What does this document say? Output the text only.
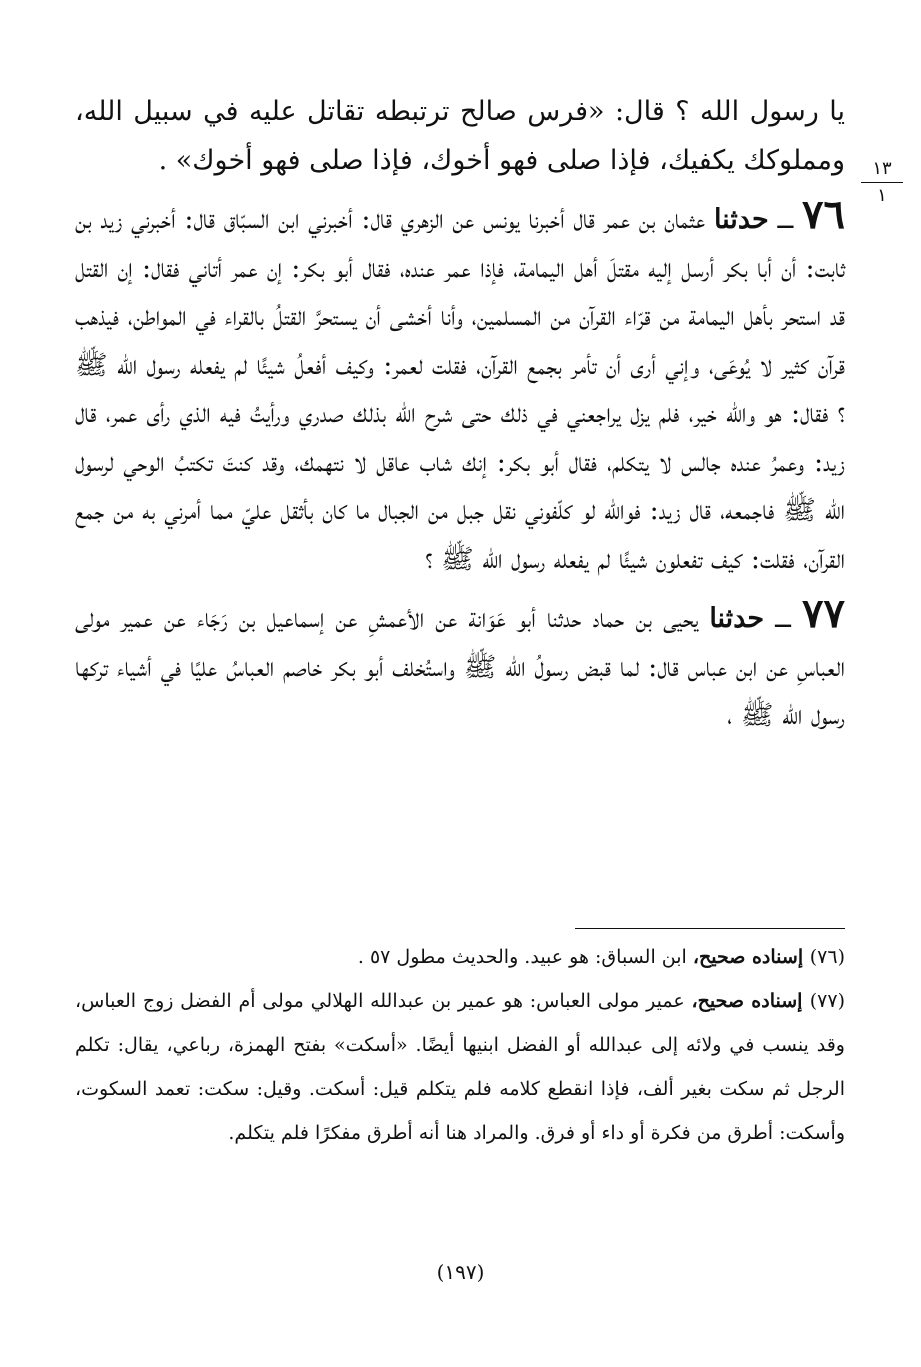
١٣
١

يا رسول الله ؟ قال: «فرس صالح ترتبطه تقاتل عليه في سبيل الله، ومملوكك يكفيك، فإذا صلى فهو أخوك، فإذا صلى فهو أخوك» .

٧٦ ــ حدثنا عثمان بن عمر قال أخبرنا يونس عن الزهري قال: أخبرني ابن السبّاق قال: أخبرني زيد بن ثابت: أن أبا بكر أرسل إليه مقتلَ أهل اليمامة، فإذا عمر عنده، فقال أبو بكر: إن عمر أتاني فقال: إن القتل قد استحر بأهل اليمامة من قرّاء القرآن من المسلمين، وأنا أخشى أن يستحرَّ القتلُ بالقراء في المواطن، فيذهب قرآن كثير لا يُوعَى، وإني أرى أن تأمر بجمع القرآن، فقلت لعمر: وكيف أفعلُ شيئًا لم يفعله رسول الله ﷺ ؟ فقال: هو والله خير، فلم يزل يراجعني في ذلك حتى شرح الله بذلك صدري ورأيتُ فيه الذي رأى عمر، قال زيد: وعمرُ عنده جالس لا يتكلم، فقال أبو بكر: إنك شاب عاقل لا نتهمك، وقد كنتَ تكتبُ الوحي لرسول الله ﷺ فاجمعه، قال زيد: فوالله لو كلّفوني نقل جبل من الجبال ما كان بأثقل عليّ مما أمرني به من جمع القرآن، فقلت: كيف تفعلون شيئًا لم يفعله رسول الله ﷺ ؟

٧٧ ــ حدثنا يحيى بن حماد حدثنا أبو عَوَانة عن الأعمشِ عن إسماعيل بن رَجَاء عن عمير مولى العباسِ عن ابن عباس قال: لما قبض رسولُ الله ﷺ واستُخلف أبو بكر خاصم العباسُ عليًا في أشياء تركها رسول الله ﷺ ،

(٧٦) إسناده صحيح، ابن السباق: هو عبيد. والحديث مطول ٥٧ .

(٧٧) إسناده صحيح، عمير مولى العباس: هو عمير بن عبدالله الهلالي مولى أم الفضل زوج العباس، وقد ينسب في ولائه إلى عبدالله أو الفضل ابنيها أيضًا. «أسكت» بفتح الهمزة، رباعي، يقال: تكلم الرجل ثم سكت بغير ألف، فإذا انقطع كلامه فلم يتكلم قيل: أسكت. وقيل: سكت: تعمد السكوت، وأسكت: أطرق من فكرة أو داء أو فرق. والمراد هنا أنه أطرق مفكرًا فلم يتكلم.

(١٩٧)
